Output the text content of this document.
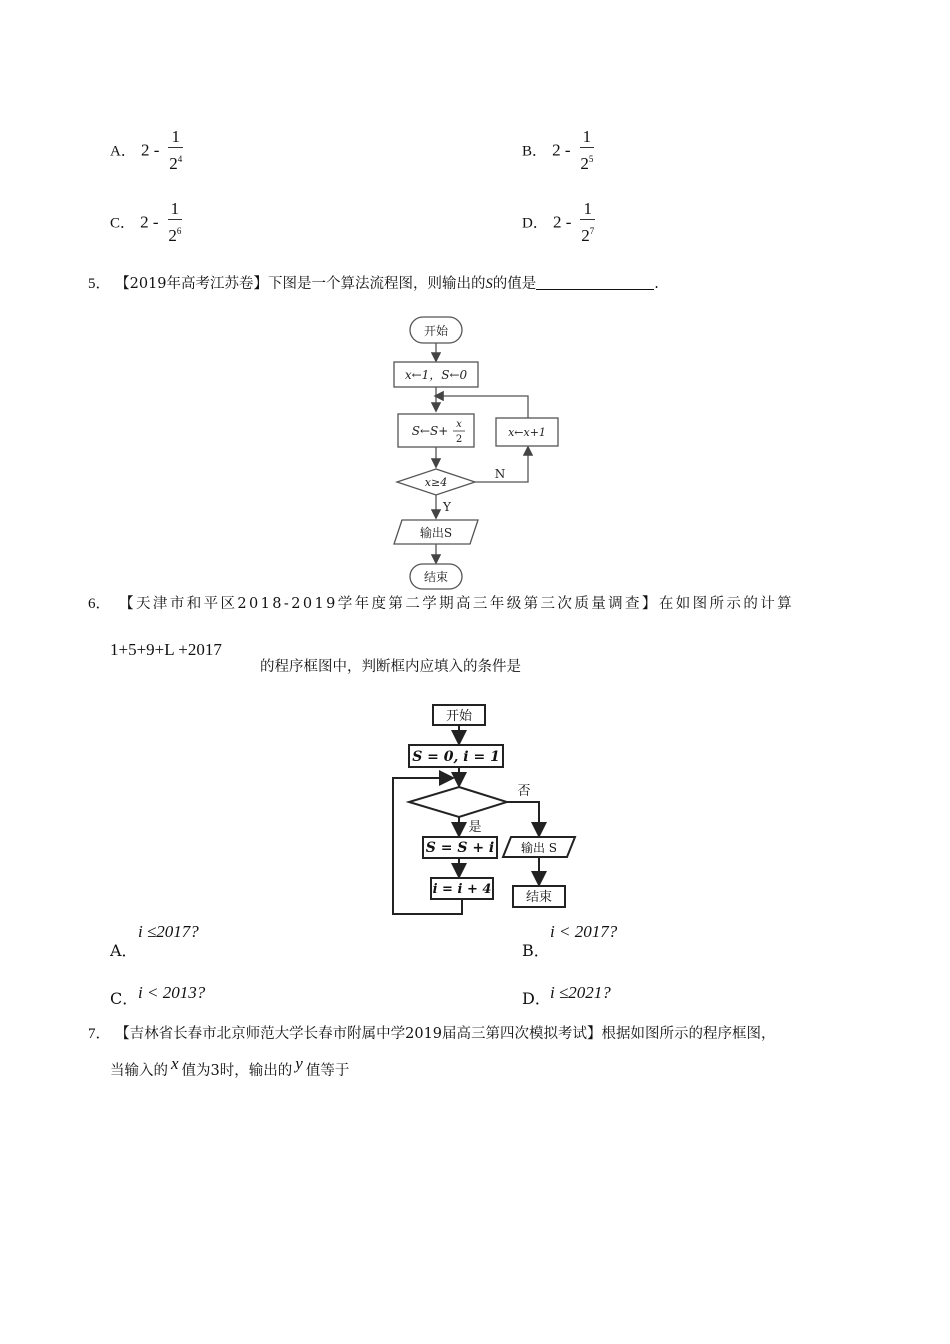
A． $2 - \frac{1}{2^4}$	B． $2 - \frac{1}{2^5}$
C． $2 - \frac{1}{2^6}$	D． $2 - \frac{1}{2^7}$
5． 【2019年高考江苏卷】下图是一个算法流程图，则输出的S的值是	.
开始
x←1，S←0
S←S+ x
2
x←x+1
x≥4
N
Y
输出S
结束
6． 【天津市和平区2018-2019学年度第二学期高三年级第三次质量调查】在如图所示的计算
1+5+9+L +2017
的程序框图中，判断框内应填入的条件是
开始
S = 0, i = 1
否
是
S = S + i
i = i + 4
输出 S
结束
A．
i ≤2017?
B．
i < 2017?
C． i < 2013?	D． i ≤2021?
7． 【吉林省长春市北京师范大学长春市附属中学2019届高三第四次模拟考试】根据如图所示的程序框图，
当输入的 x 值为3时，输出的 y 值等于
